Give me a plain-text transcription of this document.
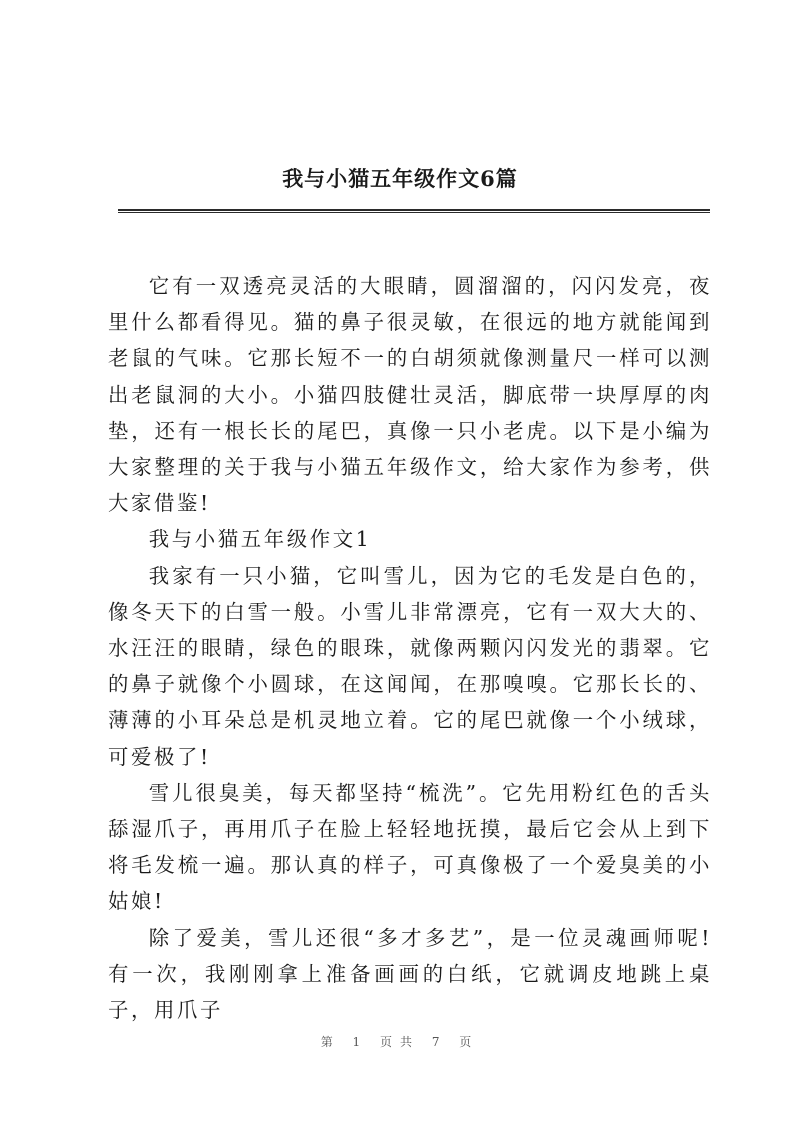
我与小猫五年级作文6篇

它有一双透亮灵活的大眼睛，圆溜溜的，闪闪发亮，夜里什么都看得见。猫的鼻子很灵敏，在很远的地方就能闻到老鼠的气味。它那长短不一的白胡须就像测量尺一样可以测出老鼠洞的大小。小猫四肢健壮灵活，脚底带一块厚厚的肉垫，还有一根长长的尾巴，真像一只小老虎。以下是小编为大家整理的关于我与小猫五年级作文，给大家作为参考，供大家借鉴!

我与小猫五年级作文1

我家有一只小猫，它叫雪儿，因为它的毛发是白色的，像冬天下的白雪一般。小雪儿非常漂亮，它有一双大大的、水汪汪的眼睛，绿色的眼珠，就像两颗闪闪发光的翡翠。它的鼻子就像个小圆球，在这闻闻，在那嗅嗅。它那长长的、薄薄的小耳朵总是机灵地立着。它的尾巴就像一个小绒球，可爱极了!

雪儿很臭美，每天都坚持“梳洗”。它先用粉红色的舌头舔湿爪子，再用爪子在脸上轻轻地抚摸，最后它会从上到下将毛发梳一遍。那认真的样子，可真像极了一个爱臭美的小姑娘!

除了爱美，雪儿还很“多才多艺”，是一位灵魂画师呢!有一次，我刚刚拿上准备画画的白纸，它就调皮地跳上桌子，用爪子

第 1 页共 7 页
